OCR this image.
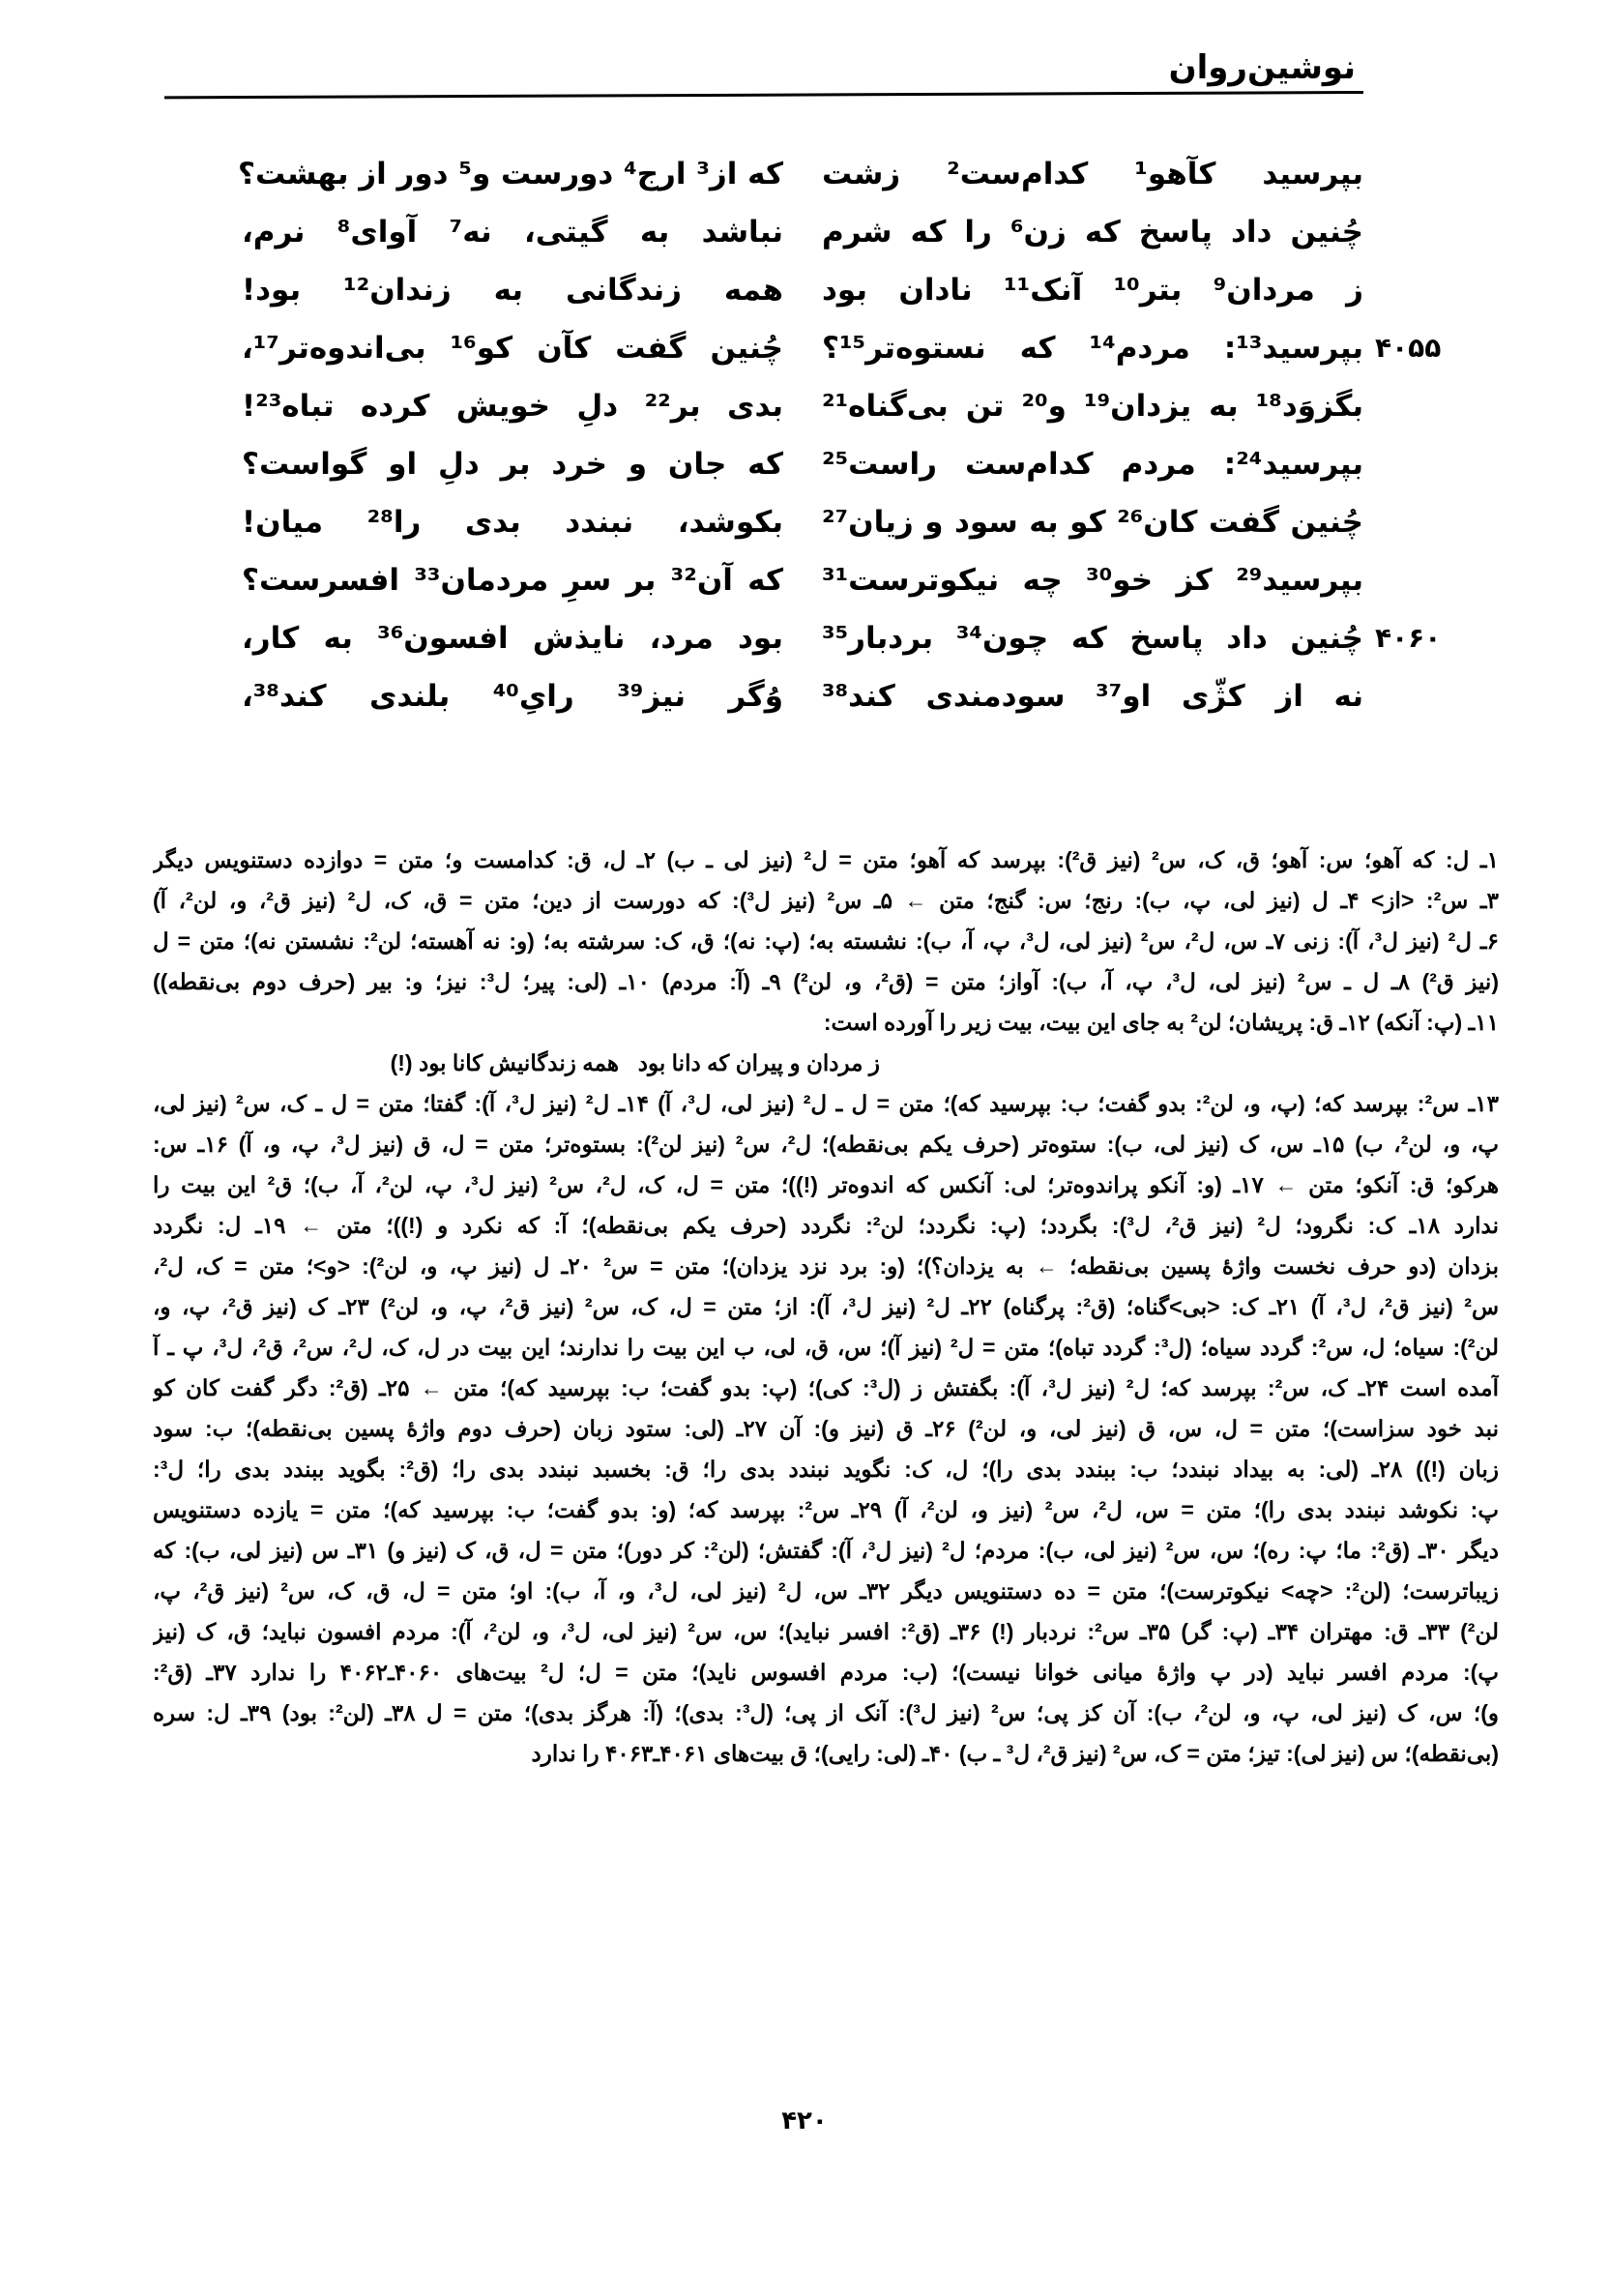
نوشین‌روان
بپرسید کآهو¹ کدام‌ست² زشت
چُنین داد پاسخ که زن⁶ را که شرم
ز مردان⁹ بتر¹⁰ آنک¹¹ نادان بود
۴۰۵۵
بپرسید¹³: مردم¹⁴ که نستوه‌تر¹⁵؟
بگزوَد¹⁸ به یزدان¹⁹ و²⁰ تن بی‌گناه²¹
بپرسید²⁴: مردم کدام‌ست راست²⁵
چُنین گفت کان²⁶ کو به سود و زیان²⁷
بپرسید²⁹ کز خو³⁰ چه نیکوترست³¹
۴۰۶۰
چُنین داد پاسخ که چون³⁴ بردبار³⁵
نه از کژّی او³⁷ سودمندی کند³⁸
که از³ ارج⁴ دورست و⁵ دور از بهشت؟
نباشد به گیتی، نه⁷ آوای⁸ نرم،
همه زندگانی به زندان¹² بود!
چُنین گفت کآن کو¹⁶ بی‌اندوه‌تر¹⁷،
بدی بر²² دلِ خویش کرده تباه²³!
که جان و خرد بر دلِ او گواست؟
بکوشد، نبندد بدی را²⁸ میان!
که آن³² بر سرِ مردمان³³ افسرست؟
بود مرد، نایذش افسون³⁶ به کار،
وُگر نیز³⁹ رایِ⁴⁰ بلندی کند³⁸،
۱ـ ل: که آهو؛ س: آهو؛ ق، ک، س² (نیز ق²): بپرسد که آهو؛ متن = ل² (نیز لی ـ ب) ۲ـ ل، ق: کدامست و؛ متن = دوازده دستنویس دیگر
۳ـ س²: <از> ۴ـ ل (نیز لی، پ، ب): رنج؛ س: گنج؛ متن ← ۵ـ س² (نیز ل³): که دورست از دین؛ متن = ق، ک، ل² (نیز ق²، و، لن²، آ)
۶ـ ل² (نیز ل³، آ): زنی ۷ـ س، ل²، س² (نیز لی، ل³، پ، آ، ب): نشسته به؛ (پ: نه)؛ ق، ک: سرشته به؛ (و: نه آهسته؛ لن²: نشستن نه)؛ متن = ل
(نیز ق²) ۸ـ ل ـ س² (نیز لی، ل³، پ، آ، ب): آواز؛ متن = (ق²، و، لن²) ۹ـ (آ: مردم) ۱۰ـ (لی: پیر؛ ل³: نیز؛ و: بیر (حرف دوم بی‌نقطه))
۱۱ـ (پ: آنکه) ۱۲ـ ق: پریشان؛ لن² به جای این بیت، بیت زیر را آورده است:
ز مردان و پیران که دانا بود
همه زندگانیش کانا بود (!)
۱۳ـ س²: بپرسد که؛ (پ، و، لن²: بدو گفت؛ ب: بپرسید که)؛ متن = ل ـ ل² (نیز لی، ل³، آ) ۱۴ـ ل² (نیز ل³، آ): گفتا؛ متن = ل ـ ک، س² (نیز لی،
پ، و، لن²، ب) ۱۵ـ س، ک (نیز لی، ب): ستوه‌تر (حرف یکم بی‌نقطه)؛ ل²، س² (نیز لن²): بستوه‌تر؛ متن = ل، ق (نیز ل³، پ، و، آ) ۱۶ـ س:
هرکو؛ ق: آنکو؛ متن ← ۱۷ـ (و: آنکو پراندوه‌تر؛ لی: آنکس که اندوه‌تر (!))؛ متن = ل، ک، ل²، س² (نیز ل³، پ، لن²، آ، ب)؛ ق² این بیت را
ندارد ۱۸ـ ک: نگرود؛ ل² (نیز ق²، ل³): بگردد؛ (پ: نگردد؛ لن²: نگردد (حرف یکم بی‌نقطه)؛ آ: که نکرد و (!))؛ متن ← ۱۹ـ ل: نگردد
بزدان (دو حرف نخست واژهٔ پسین بی‌نقطه؛ ← به یزدان؟)؛ (و: برد نزد یزدان)؛ متن = س² ۲۰ـ ل (نیز پ، و، لن²): <و>؛ متن = ک، ل²،
س² (نیز ق²، ل³، آ) ۲۱ـ ک: <بی>گناه؛ (ق²: پرگناه) ۲۲ـ ل² (نیز ل³، آ): از؛ متن = ل، ک، س² (نیز ق²، پ، و، لن²) ۲۳ـ ک (نیز ق²، پ، و،
لن²): سیاه؛ ل، س²: گردد سیاه؛ (ل³: گردد تباه)؛ متن = ل² (نیز آ)؛ س، ق، لی، ب این بیت را ندارند؛ این بیت در ل، ک، ل²، س²، ق²، ل³، پ ـ آ
آمده است ۲۴ـ ک، س²: بپرسد که؛ ل² (نیز ل³، آ): بگفتش ز (ل³: کی)؛ (پ: بدو گفت؛ ب: بپرسید که)؛ متن ← ۲۵ـ (ق²: دگر گفت کان کو
نبد خود سزاست)؛ متن = ل، س، ق (نیز لی، و، لن²) ۲۶ـ ق (نیز و): آن ۲۷ـ (لی: ستود زبان (حرف دوم واژهٔ پسین بی‌نقطه)؛ ب: سود
زبان (!)) ۲۸ـ (لی: به بیداد نبندد؛ ب: ببندد بدی را)؛ ل، ک: نگوید نبندد بدی را؛ ق: بخسبد نبندد بدی را؛ (ق²: بگوید ببندد بدی را؛ ل³:
پ: نکوشد نبندد بدی را)؛ متن = س، ل²، س² (نیز و، لن²، آ) ۲۹ـ س²: بپرسد که؛ (و: بدو گفت؛ ب: بپرسید که)؛ متن = یازده دستنویس
دیگر ۳۰ـ (ق²: ما؛ پ: ره)؛ س، س² (نیز لی، ب): مردم؛ ل² (نیز ل³، آ): گفتش؛ (لن²: کر دور)؛ متن = ل، ق، ک (نیز و) ۳۱ـ س (نیز لی، ب): که
زیباترست؛ (لن²: <چه> نیکوترست)؛ متن = ده دستنویس دیگر ۳۲ـ س، ل² (نیز لی، ل³، و، آ، ب): او؛ متن = ل، ق، ک، س² (نیز ق²، پ،
لن²) ۳۳ـ ق: مهتران ۳۴ـ (پ: گر) ۳۵ـ س²: نردبار (!) ۳۶ـ (ق²: افسر نباید)؛ س، س² (نیز لی، ل³، و، لن²، آ): مردم افسون نباید؛ ق، ک (نیز
پ): مردم افسر نباید (در پ واژهٔ میانی خوانا نیست)؛ (ب: مردم افسوس ناید)؛ متن = ل؛ ل² بیت‌های ۴۰۶۰ـ۴۰۶۲ را ندارد ۳۷ـ (ق²:
و)؛ س، ک (نیز لی، پ، و، لن²، ب): آن کز پی؛ س² (نیز ل³): آنک از پی؛ (ل³: بدی)؛ (آ: هرگز بدی)؛ متن = ل ۳۸ـ (لن²: بود) ۳۹ـ ل: سره
(بی‌نقطه)؛ س (نیز لی): تیز؛ متن = ک، س² (نیز ق²، ل³ ـ ب) ۴۰ـ (لی: رایی)؛ ق بیت‌های ۴۰۶۱ـ۴۰۶۳ را ندارد
۴۲۰
